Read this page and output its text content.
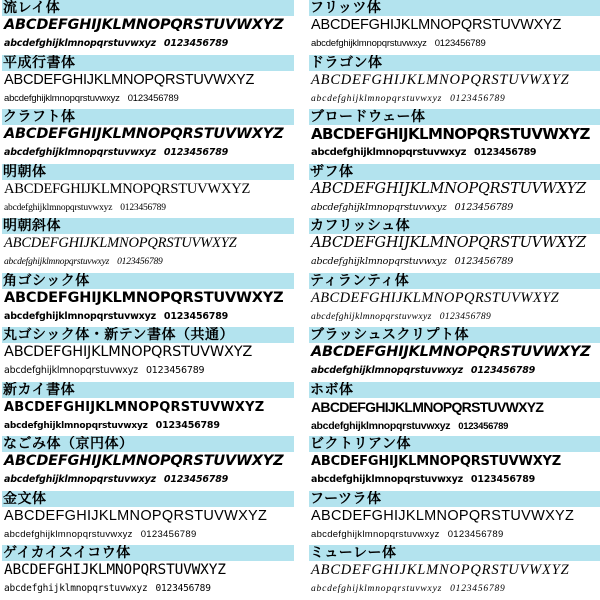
流レイ体
ABCDEFGHIJKLMNOPQRSTUVWXYZ
abcdefghijklmnopqrstuvwxyz 0123456789
平成行書体
ABCDEFGHIJKLMNOPQRSTUVWXYZ
abcdefghijklmnopqrstuvwxyz 0123456789
クラフト体
ABCDEFGHIJKLMNOPQRSTUVWXYZ
abcdefghijklmnopqrstuvwxyz 0123456789
明朝体
ABCDEFGHIJKLMNOPQRSTUVWXYZ
abcdefghijklmnopqrstuvwxyz 0123456789
明朝斜体
ABCDEFGHIJKLMNOPQRSTUVWXYZ
abcdefghijklmnopqrstuvwxyz 0123456789
角ゴシック体
ABCDEFGHIJKLMNOPQRSTUVWXYZ
abcdefghijklmnopqrstuvwxyz 0123456789
丸ゴシック体・新テン書体（共通）
ABCDEFGHIJKLMNOPQRSTUVWXYZ
abcdefghijklmnopqrstuvwxyz 0123456789
新カイ書体
ABCDEFGHIJKLMNOPQRSTUVWXYZ
abcdefghijklmnopqrstuvwxyz 0123456789
なごみ体（京円体）
ABCDEFGHIJKLMNOPQRSTUVWXYZ
abcdefghijklmnopqrstuvwxyz 0123456789
金文体
ABCDEFGHIJKLMNOPQRSTUVWXYZ
abcdefghijklmnopqrstuvwxyz 0123456789
ゲイカイスイコウ体
ABCDEFGHIJKLMNOPQRSTUVWXYZ
abcdefghijklmnopqrstuvwxyz 0123456789
フリッツ体
ABCDEFGHIJKLMNOPQRSTUVWXYZ
abcdefghijklmnopqrstuvwxyz 0123456789
ドラゴン体
ABCDEFGHIJKLMNOPQRSTUVWXYZ
abcdefghijklmnopqrstuvwxyz 0123456789
ブロードウェー体
ABCDEFGHIJKLMNOPQRSTUVWXYZ
abcdefghijklmnopqrstuvwxyz 0123456789
ザフ体
ABCDEFGHIJKLMNOPQRSTUVWXYZ
abcdefghijklmnopqrstuvwxyz 0123456789
カフリッシュ体
ABCDEFGHIJKLMNOPQRSTUVWXYZ
abcdefghijklmnopqrstuvwxyz 0123456789
ティランティ体
ABCDEFGHIJKLMNOPQRSTUVWXYZ
abcdefghijklmnopqrstuvwxyz 0123456789
ブラッシュスクリプト体
ABCDEFGHIJKLMNOPQRSTUVWXYZ
abcdefghijklmnopqrstuvwxyz 0123456789
ホボ体
ABCDEFGHIJKLMNOPQRSTUVWXYZ
abcdefghijklmnopqrstuvwxyz 0123456789
ビクトリアン体
ABCDEFGHIJKLMNOPQRSTUVWXYZ
abcdefghijklmnopqrstuvwxyz 0123456789
フーツラ体
ABCDEFGHIJKLMNOPQRSTUVWXYZ
abcdefghijklmnopqrstuvwxyz 0123456789
ミューレー体
ABCDEFGHIJKLMNOPQRSTUVWXYZ
abcdefghijklmnopqrstuvwxyz 0123456789
